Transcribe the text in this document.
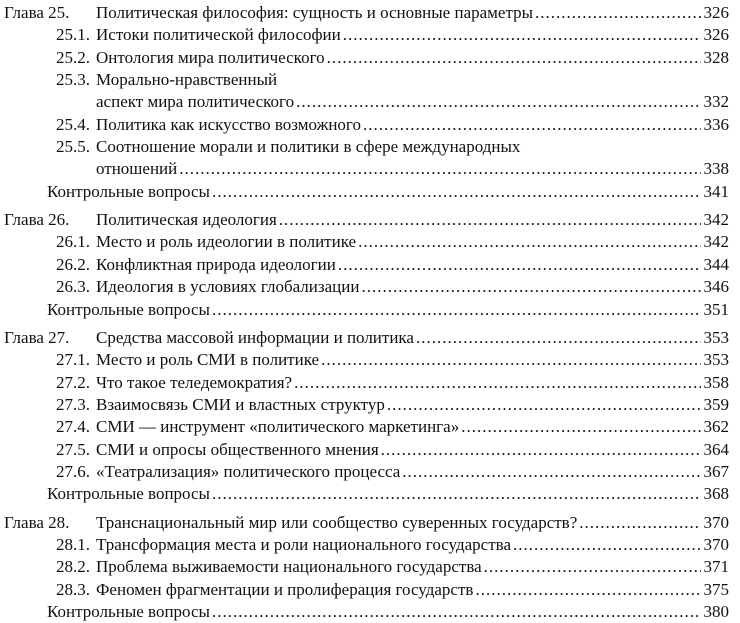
Глава 25.	Политическая философия: сущность и основные параметры .....	326
25.1. Истоки политической философии .....	326
25.2. Онтология мира политического .....	328
25.3. Морально-нравственный
аспект мира политического .....	332
25.4. Политика как искусство возможного .....	336
25.5. Соотношение морали и политики в сфере международных
отношений .....	338
Контрольные вопросы .....	341
Глава 26.	Политическая идеология .....	342
26.1. Место и роль идеологии в политике .....	342
26.2. Конфликтная природа идеологии .....	344
26.3. Идеология в условиях глобализации .....	346
Контрольные вопросы .....	351
Глава 27.	Средства массовой информации и политика .....	353
27.1. Место и роль СМИ в политике .....	353
27.2. Что такое теледемократия? .....	358
27.3. Взаимосвязь СМИ и властных структур .....	359
27.4. СМИ — инструмент «политического маркетинга» .....	362
27.5. СМИ и опросы общественного мнения .....	364
27.6. «Театрализация» политического процесса .....	367
Контрольные вопросы .....	368
Глава 28.	Транснациональный мир или сообщество суверенных государств? .....	370
28.1. Трансформация места и роли национального государства .....	370
28.2. Проблема выживаемости национального государства .....	371
28.3. Феномен фрагментации и пролиферация государств .....	375
Контрольные вопросы .....	380
